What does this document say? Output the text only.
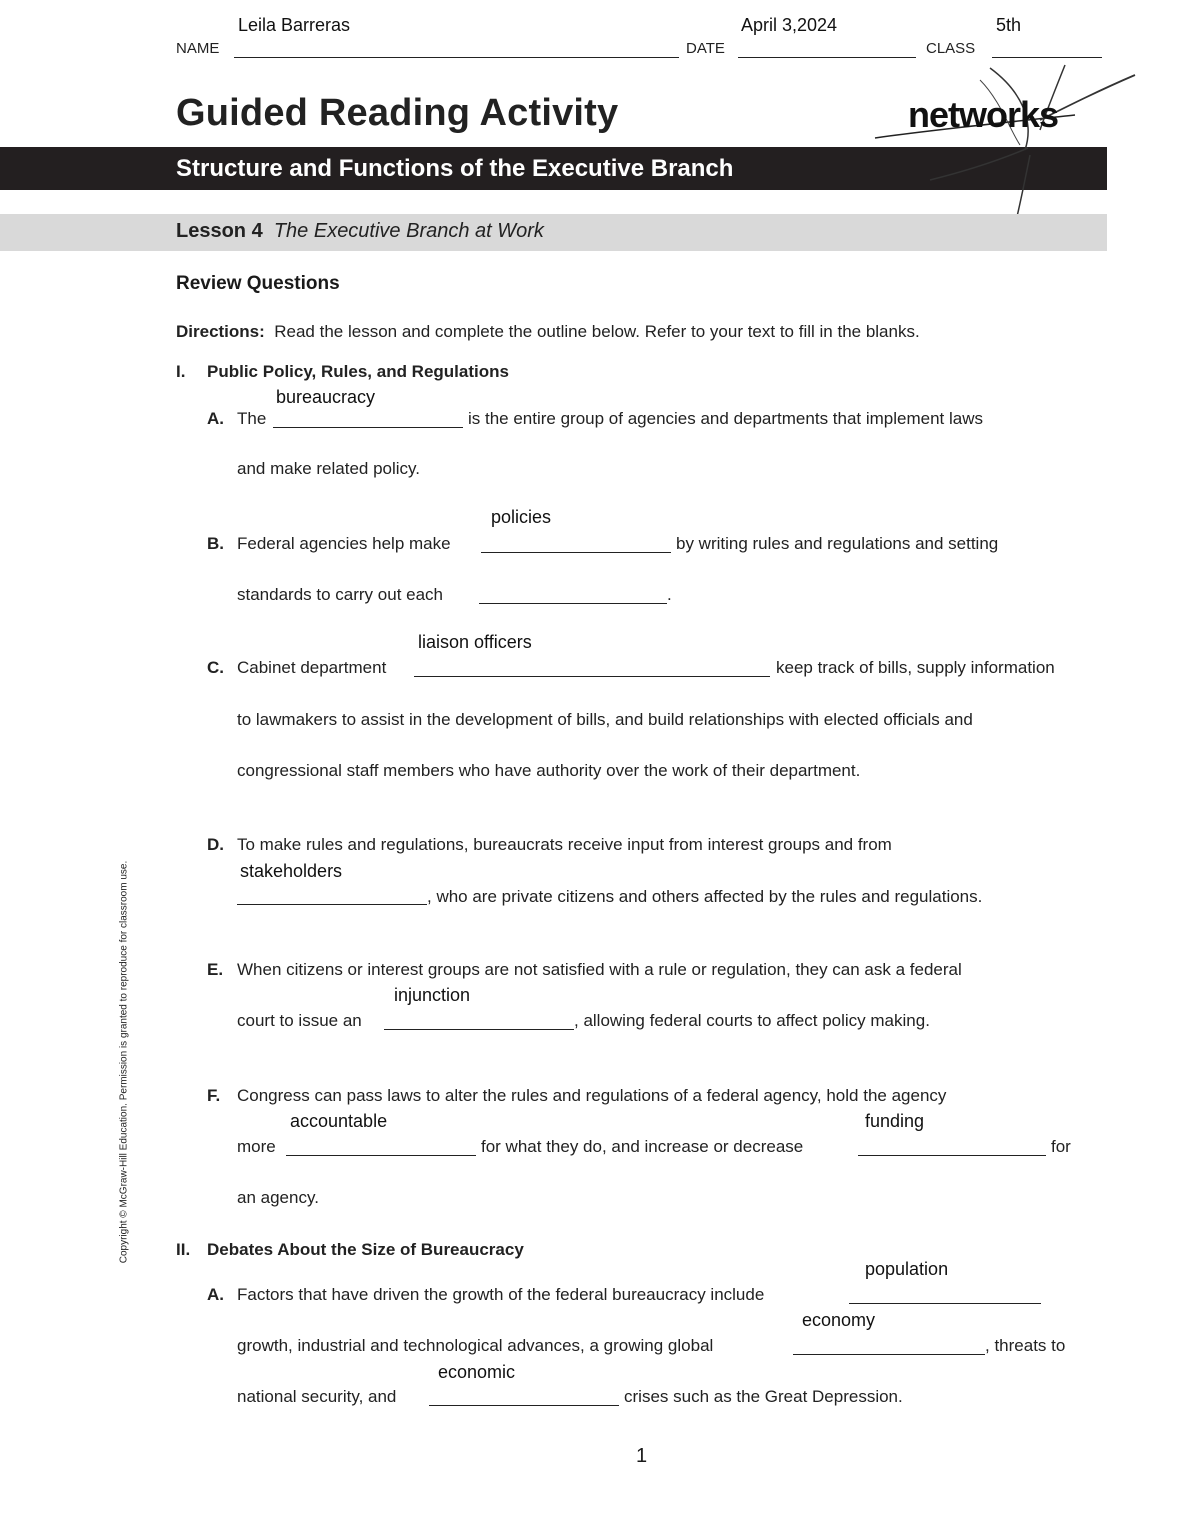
Leila Barreras	April 3,2024	5th
NAME	DATE	CLASS
Guided Reading Activity
Structure and Functions of the Executive Branch
networks
Lesson 4 The Executive Branch at Work
Review Questions
Directions: Read the lesson and complete the outline below. Refer to your text to fill in the blanks.
I. Public Policy, Rules, and Regulations
bureaucracy
A. The	is the entire group of agencies and departments that implement laws
and make related policy.
policies
B. Federal agencies help make	by writing rules and regulations and setting
standards to carry out each	.
liaison officers
C. Cabinet department	keep track of bills, supply information
to lawmakers to assist in the development of bills, and build relationships with elected officials and
congressional staff members who have authority over the work of their department.
D. To make rules and regulations, bureaucrats receive input from interest groups and from
stakeholders
, who are private citizens and others affected by the rules and regulations.
E. When citizens or interest groups are not satisfied with a rule or regulation, they can ask a federal
injunction
court to issue an	, allowing federal courts to affect policy making.
F. Congress can pass laws to alter the rules and regulations of a federal agency, hold the agency
accountable	funding
more	for what they do, and increase or decrease	for
an agency.
II. Debates About the Size of Bureaucracy
population
A. Factors that have driven the growth of the federal bureaucracy include
economy
growth, industrial and technological advances, a growing global	, threats to
economic
national security, and	crises such as the Great Depression.
Copyright © McGraw-Hill Education. Permission is granted to reproduce for classroom use.
1
